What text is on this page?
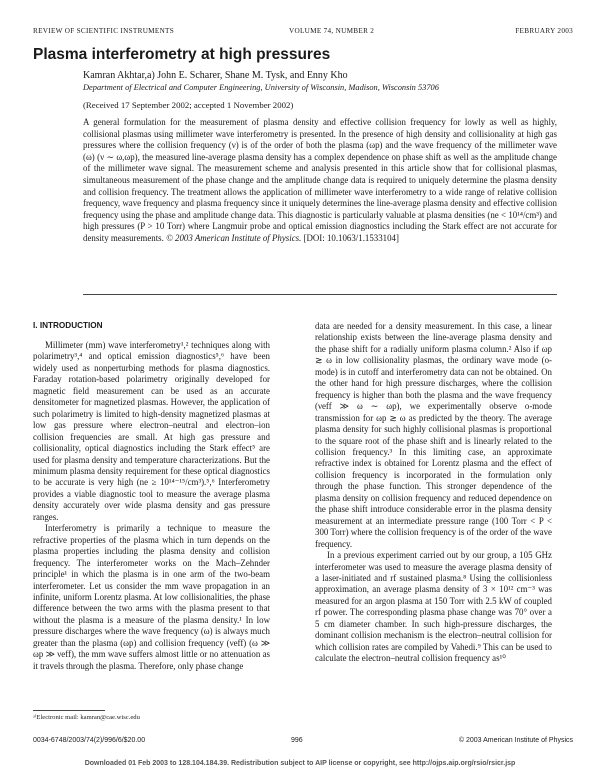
REVIEW OF SCIENTIFIC INSTRUMENTS	VOLUME 74, NUMBER 2	FEBRUARY 2003
Plasma interferometry at high pressures
Kamran Akhtar,a) John E. Scharer, Shane M. Tysk, and Enny Kho
Department of Electrical and Computer Engineering, University of Wisconsin, Madison, Wisconsin 53706
(Received 17 September 2002; accepted 1 November 2002)
A general formulation for the measurement of plasma density and effective collision frequency for lowly as well as highly, collisional plasmas using millimeter wave interferometry is presented. In the presence of high density and collisionality at high gas pressures where the collision frequency (ν) is of the order of both the plasma (ωp) and the wave frequency of the millimeter wave (ω) (ν ∼ ω,ωp), the measured line-average plasma density has a complex dependence on phase shift as well as the amplitude change of the millimeter wave signal. The measurement scheme and analysis presented in this article show that for collisional plasmas, simultaneous measurement of the phase change and the amplitude change data is required to uniquely determine the plasma density and collision frequency. The treatment allows the application of millimeter wave interferometry to a wide range of relative collision frequency, wave frequency and plasma frequency since it uniquely determines the line-average plasma density and effective collision frequency using the phase and amplitude change data. This diagnostic is particularly valuable at plasma densities (ne < 10¹⁴/cm³) and high pressures (P > 10 Torr) where Langmuir probe and optical emission diagnostics including the Stark effect are not accurate for density measurements. © 2003 American Institute of Physics. [DOI: 10.1063/1.1533104]
I. INTRODUCTION

Millimeter (mm) wave interferometry¹,² techniques along with polarimetry³,⁴ and optical emission diagnostics⁵,⁶ have been widely used as nonperturbing methods for plasma diagnostics. Faraday rotation-based polarimetry originally developed for magnetic field measurement can be used as an accurate densitometer for magnetized plasmas. However, the application of such polarimetry is limited to high-density magnetized plasmas at low gas pressure where electron–neutral and electron–ion collision frequencies are small. At high gas pressure and collisionality, optical diagnostics including the Stark effect⁵ are used for plasma density and temperature characterizations. But the minimum plasma density requirement for these optical diagnostics to be accurate is very high (ne ≥ 10¹⁴⁻¹⁵/cm³).⁵,⁶ Interferometry provides a viable diagnostic tool to measure the average plasma density accurately over wide plasma density and gas pressure ranges.

Interferometry is primarily a technique to measure the refractive properties of the plasma which in turn depends on the plasma properties including the plasma density and collision frequency. The interferometer works on the Mach–Zehnder principle¹ in which the plasma is in one arm of the two-beam interferometer. Let us consider the mm wave propagation in an infinite, uniform Lorentz plasma. At low collisionalities, the phase difference between the two arms with the plasma present to that without the plasma is a measure of the plasma density.¹ In low pressure discharges where the wave frequency (ω) is always much greater than the plasma (ωp) and collision frequency (νeff) (ω ≫ ωp ≫ νeff), the mm wave suffers almost little or no attenuation as it travels through the plasma. Therefore, only phase change

data are needed for a density measurement. In this case, a linear relationship exists between the line-average plasma density and the phase shift for a radially uniform plasma column.² Also if ωp ≳ ω in low collisionality plasmas, the ordinary wave mode (o-mode) is in cutoff and interferometry data can not be obtained. On the other hand for high pressure discharges, where the collision frequency is higher than both the plasma and the wave frequency (νeff ≫ ω ∼ ωp), we experimentally observe o-mode transmission for ωp ≳ ω as predicted by the theory. The average plasma density for such highly collisional plasmas is proportional to the square root of the phase shift and is linearly related to the collision frequency.³ In this limiting case, an approximate refractive index is obtained for Lorentz plasma and the effect of collision frequency is incorporated in the formulation only through the phase function. This stronger dependence of the plasma density on collision frequency and reduced dependence on the phase shift introduce considerable error in the plasma density measurement at an intermediate pressure range (100 Torr < P < 300 Torr) where the collision frequency is of the order of the wave frequency.

In a previous experiment carried out by our group, a 105 GHz interferometer was used to measure the average plasma density of a laser-initiated and rf sustained plasma.⁸ Using the collisionless approximation, an average plasma density of 3 × 10¹² cm⁻³ was measured for an argon plasma at 150 Torr with 2.5 kW of coupled rf power. The corresponding plasma phase change was 70° over a 5 cm diameter chamber. In such high-pressure discharges, the dominant collision mechanism is the electron–neutral collision for which collision rates are compiled by Vahedi.⁹ This can be used to calculate the electron–neutral collision frequency as¹⁰

ᵃ⁾Electronic mail: kamran@cae.wisc.edu
0034-6748/2003/74(2)/996/6/$20.00	996	© 2003 American Institute of Physics
Downloaded 01 Feb 2003 to 128.104.184.39. Redistribution subject to AIP license or copyright, see http://ojps.aip.org/rsio/rsicr.jsp
